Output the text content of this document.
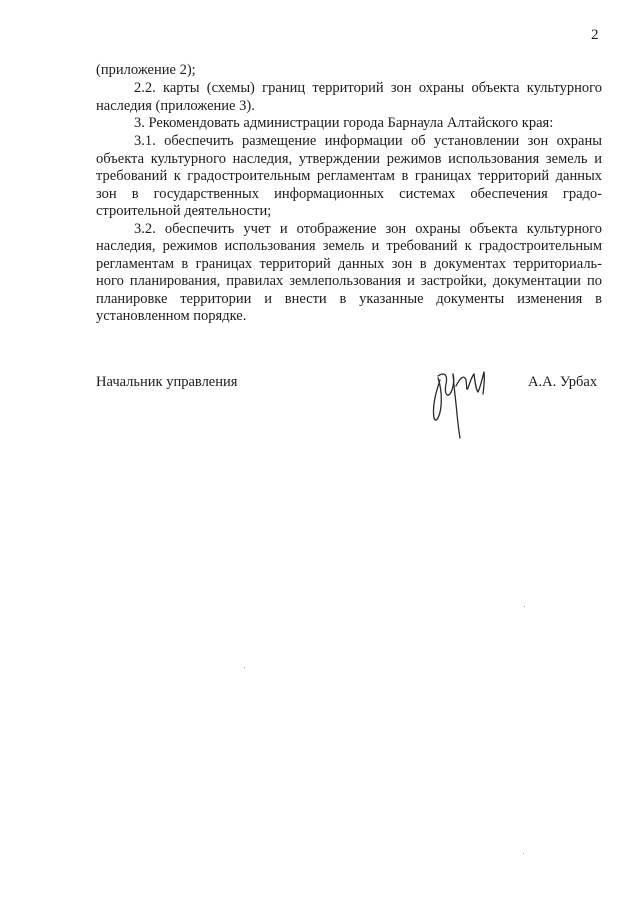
2
(приложение 2);
2.2. карты (схемы) границ территорий зон охраны объекта культурного
наследия (приложение 3).
3. Рекомендовать администрации города Барнаула Алтайского края:
3.1. обеспечить размещение информации об установлении зон охраны
объекта культурного наследия, утверждении режимов использования земель и
требований к градостроительным регламентам в границах территорий данных
зон в государственных информационных системах обеспечения градо-
строительной деятельности;
3.2. обеспечить учет и отображение зон охраны объекта культурного
наследия, режимов использования земель и требований к градостроительным
регламентам в границах территорий данных зон в документах территориаль-
ного планирования, правилах землепользования и застройки, документации по
планировке территории и внести в указанные документы изменения в
установленном порядке.
Начальник управления	А.А. Урбах
